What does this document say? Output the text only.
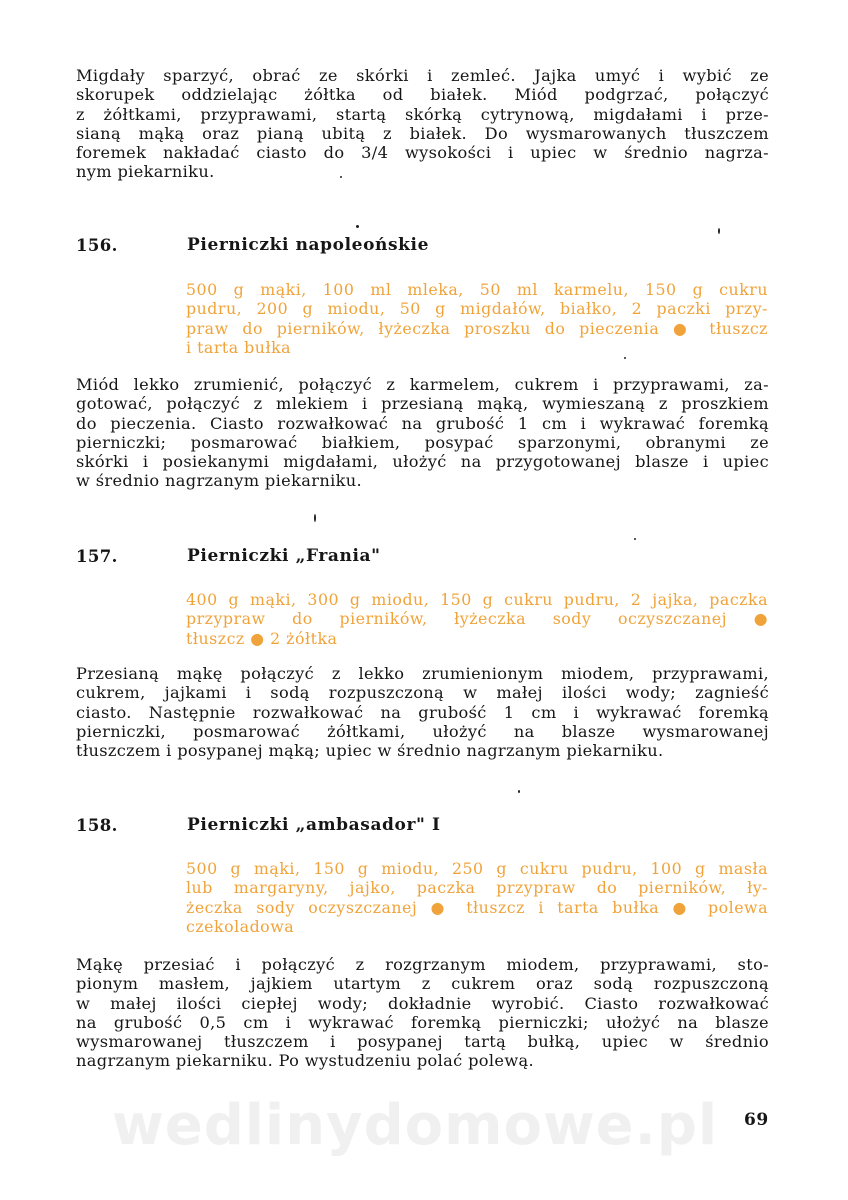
Migdały sparzyć, obrać ze skórki i zemleć. Jajka umyć i wybić ze
skorupek oddzielając żółtka od białek. Miód podgrzać, połączyć
z żółtkami, przyprawami, startą skórką cytrynową, migdałami i prze-
sianą mąką oraz pianą ubitą z białek. Do wysmarowanych tłuszczem
foremek nakładać ciasto do 3/4 wysokości i upiec w średnio nagrza-
nym piekarniku.

156.	Pierniczki napoleońskie

500 g mąki, 100 ml mleka, 50 ml karmelu, 150 g cukru
pudru, 200 g miodu, 50 g migdałów, białko, 2 paczki przy-
praw do pierników, łyżeczka proszku do pieczenia ● tłuszcz
i tarta bułka

Miód lekko zrumienić, połączyć z karmelem, cukrem i przyprawami, za-
gotować, połączyć z mlekiem i przesianą mąką, wymieszaną z proszkiem
do pieczenia. Ciasto rozwałkować na grubość 1 cm i wykrawać foremką
pierniczki; posmarować białkiem, posypać sparzonymi, obranymi ze
skórki i posiekanymi migdałami, ułożyć na przygotowanej blasze i upiec
w średnio nagrzanym piekarniku.

157.	Pierniczki „Frania"

400 g mąki, 300 g miodu, 150 g cukru pudru, 2 jajka, paczka
przypraw do pierników, łyżeczka sody oczyszczanej ●
tłuszcz ● 2 żółtka

Przesianą mąkę połączyć z lekko zrumienionym miodem, przyprawami,
cukrem, jajkami i sodą rozpuszczoną w małej ilości wody; zagnieść
ciasto. Następnie rozwałkować na grubość 1 cm i wykrawać foremką
pierniczki, posmarować żółtkami, ułożyć na blasze wysmarowanej
tłuszczem i posypanej mąką; upiec w średnio nagrzanym piekarniku.

158.	Pierniczki „ambasador" I

500 g mąki, 150 g miodu, 250 g cukru pudru, 100 g masła
lub margaryny, jajko, paczka przypraw do pierników, ły-
żeczka sody oczyszczanej ● tłuszcz i tarta bułka ● polewa
czekoladowa

Mąkę przesiać i połączyć z rozgrzanym miodem, przyprawami, sto-
pionym masłem, jajkiem utartym z cukrem oraz sodą rozpuszczoną
w małej ilości ciepłej wody; dokładnie wyrobić. Ciasto rozwałkować
na grubość 0,5 cm i wykrawać foremką pierniczki; ułożyć na blasze
wysmarowanej tłuszczem i posypanej tartą bułką, upiec w średnio
nagrzanym piekarniku. Po wystudzeniu polać polewą.

wedlinydomowe.pl	69
